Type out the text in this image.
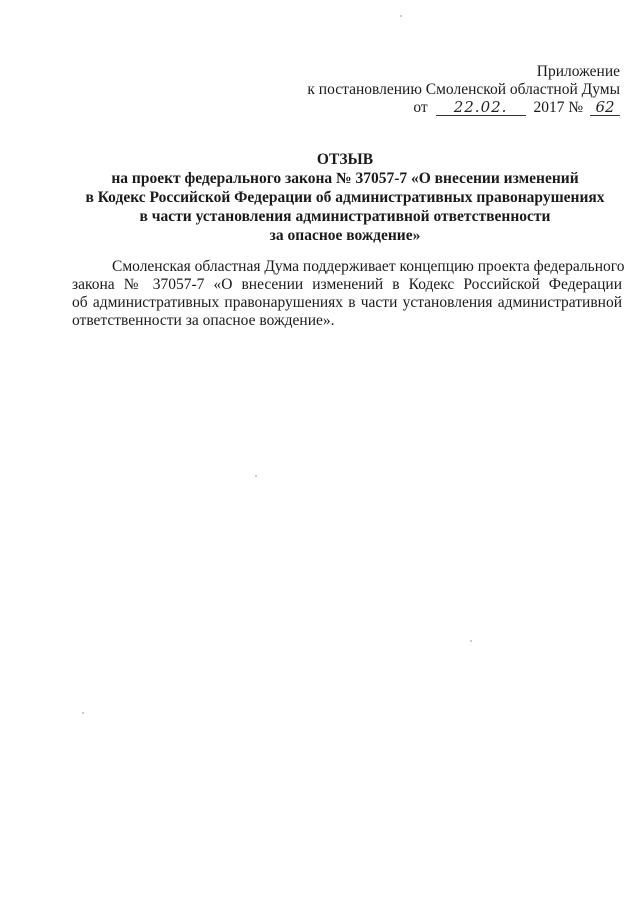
Приложение
к постановлению Смоленской областной Думы
от 22.02. 2017 № 62
ОТЗЫВ
на проект федерального закона № 37057-7 «О внесении изменений
в Кодекс Российской Федерации об административных правонарушениях
в части установления административной ответственности
за опасное вождение»
Смоленская областная Дума поддерживает концепцию проекта федерального
закона № 37057-7 «О внесении изменений в Кодекс Российской Федерации
об административных правонарушениях в части установления административной
ответственности за опасное вождение».
